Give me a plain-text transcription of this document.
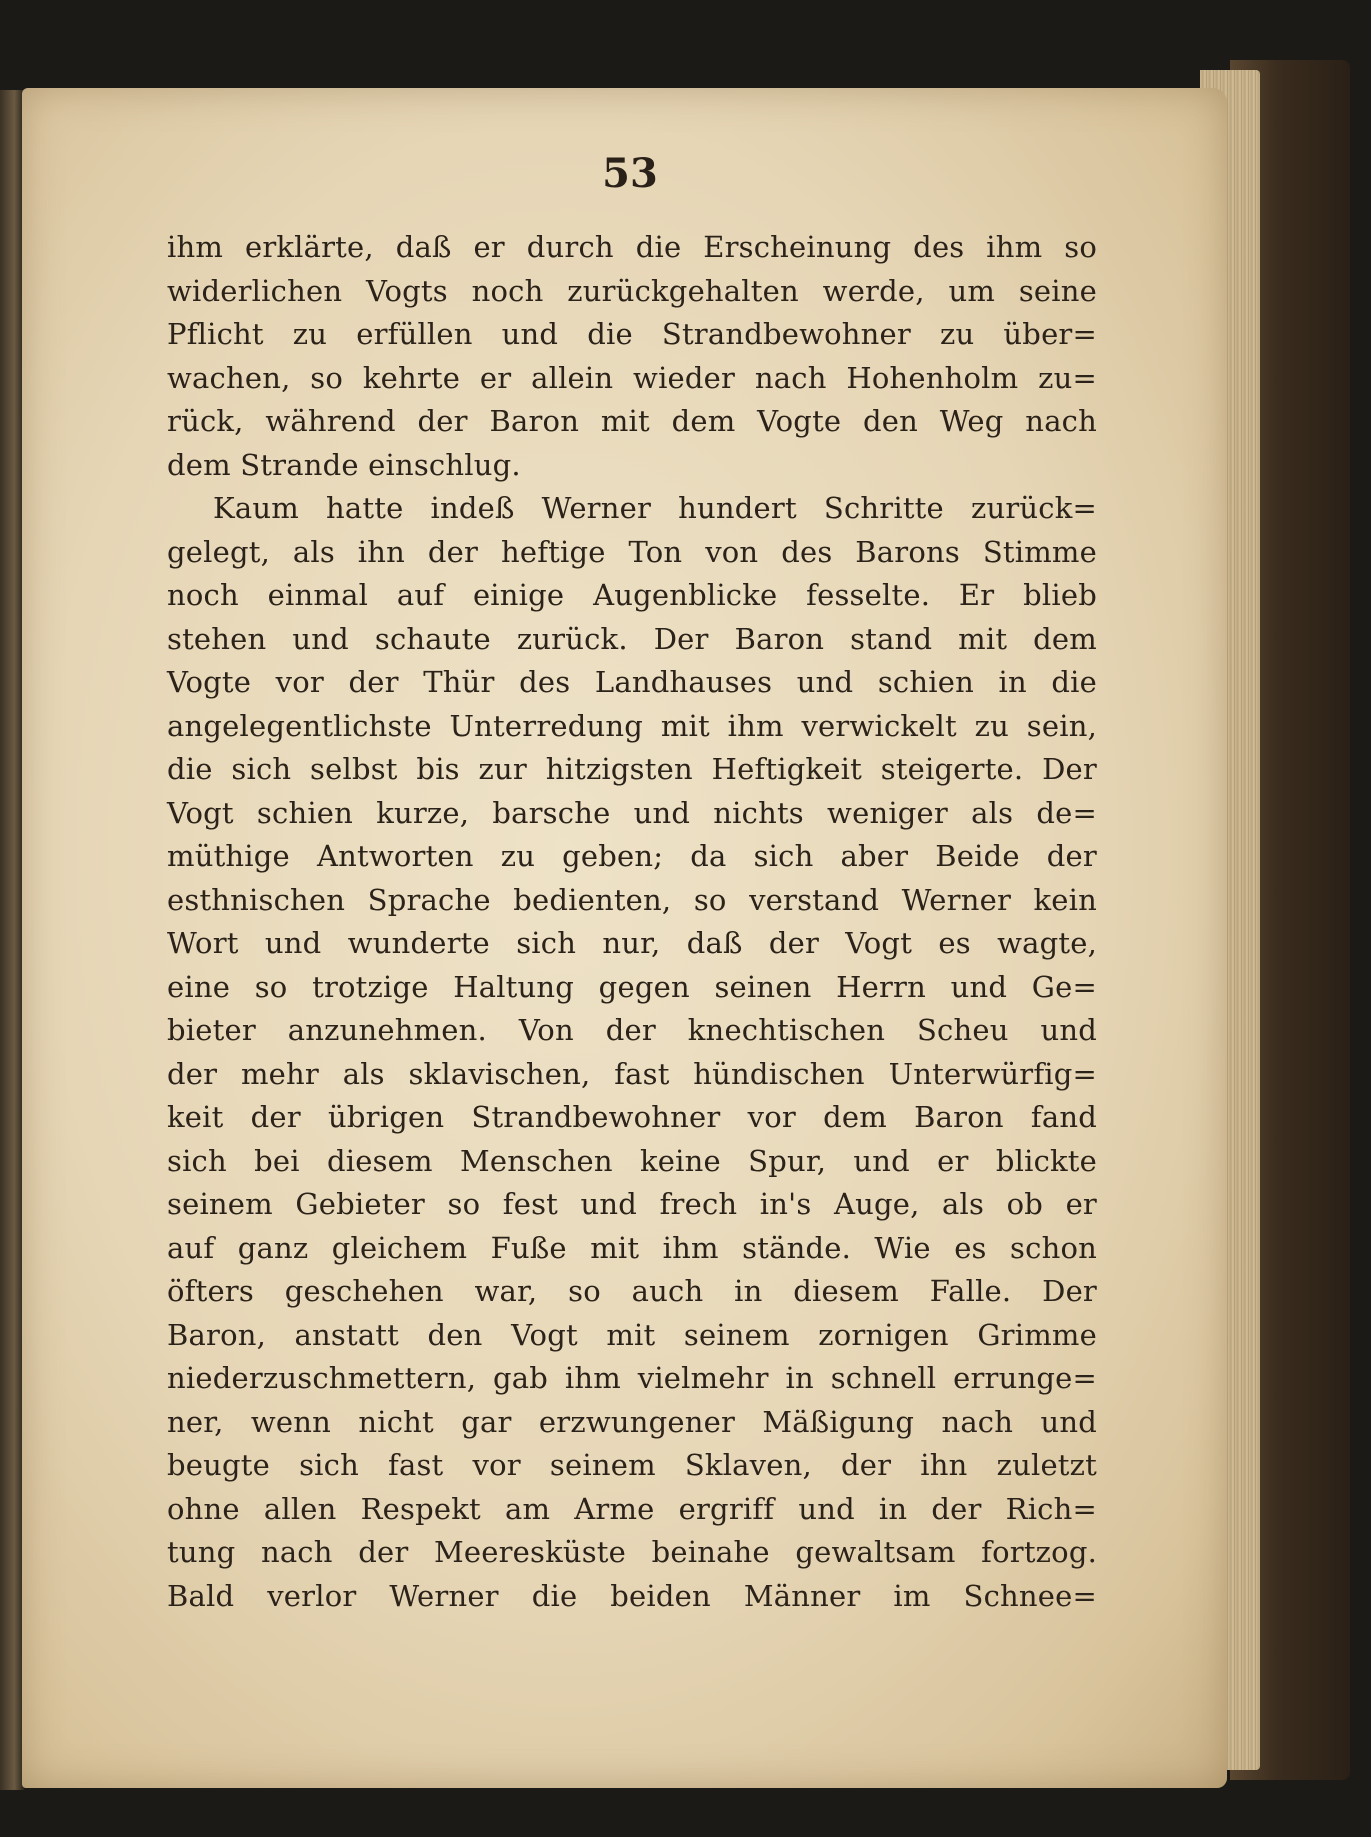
53
ihm erklärte, daß er durch die Erscheinung des ihm so
widerlichen Vogts noch zurückgehalten werde, um seine
Pflicht zu erfüllen und die Strandbewohner zu über=
wachen, so kehrte er allein wieder nach Hohenholm zu=
rück, während der Baron mit dem Vogte den Weg nach
dem Strande einschlug.
Kaum hatte indeß Werner hundert Schritte zurück=
gelegt, als ihn der heftige Ton von des Barons Stimme
noch einmal auf einige Augenblicke fesselte. Er blieb
stehen und schaute zurück. Der Baron stand mit dem
Vogte vor der Thür des Landhauses und schien in die
angelegentlichste Unterredung mit ihm verwickelt zu sein,
die sich selbst bis zur hitzigsten Heftigkeit steigerte. Der
Vogt schien kurze, barsche und nichts weniger als de=
müthige Antworten zu geben; da sich aber Beide der
esthnischen Sprache bedienten, so verstand Werner kein
Wort und wunderte sich nur, daß der Vogt es wagte,
eine so trotzige Haltung gegen seinen Herrn und Ge=
bieter anzunehmen. Von der knechtischen Scheu und
der mehr als sklavischen, fast hündischen Unterwürfig=
keit der übrigen Strandbewohner vor dem Baron fand
sich bei diesem Menschen keine Spur, und er blickte
seinem Gebieter so fest und frech in's Auge, als ob er
auf ganz gleichem Fuße mit ihm stände. Wie es schon
öfters geschehen war, so auch in diesem Falle. Der
Baron, anstatt den Vogt mit seinem zornigen Grimme
niederzuschmettern, gab ihm vielmehr in schnell errunge=
ner, wenn nicht gar erzwungener Mäßigung nach und
beugte sich fast vor seinem Sklaven, der ihn zuletzt
ohne allen Respekt am Arme ergriff und in der Rich=
tung nach der Meeresküste beinahe gewaltsam fortzog.
Bald verlor Werner die beiden Männer im Schnee=
